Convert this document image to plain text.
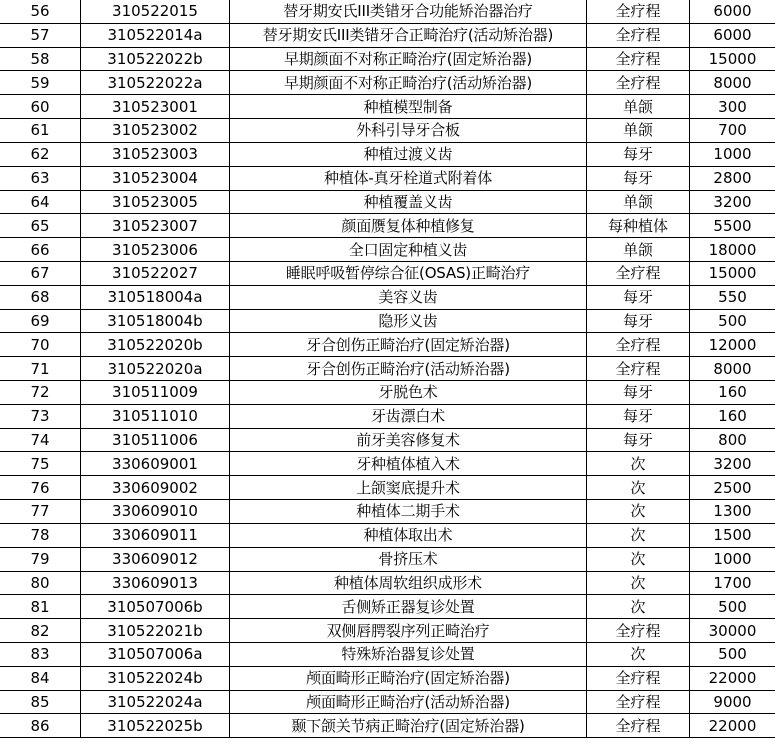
56	310522015	替牙期安氏III类错牙合功能矫治器治疗	全疗程	6000
57	310522014a	替牙期安氏III类错牙合正畸治疗(活动矫治器)	全疗程	6000
58	310522022b	早期颜面不对称正畸治疗(固定矫治器)	全疗程	15000
59	310522022a	早期颜面不对称正畸治疗(活动矫治器)	全疗程	8000
60	310523001	种植模型制备	单颌	300
61	310523002	外科引导牙合板	单颌	700
62	310523003	种植过渡义齿	每牙	1000
63	310523004	种植体-真牙栓道式附着体	每牙	2800
64	310523005	种植覆盖义齿	单颌	3200
65	310523007	颜面赝复体种植修复	每种植体	5500
66	310523006	全口固定种植义齿	单颌	18000
67	310522027	睡眠呼吸暂停综合征(OSAS)正畸治疗	全疗程	15000
68	310518004a	美容义齿	每牙	550
69	310518004b	隐形义齿	每牙	500
70	310522020b	牙合创伤正畸治疗(固定矫治器)	全疗程	12000
71	310522020a	牙合创伤正畸治疗(活动矫治器)	全疗程	8000
72	310511009	牙脱色术	每牙	160
73	310511010	牙齿漂白术	每牙	160
74	310511006	前牙美容修复术	每牙	800
75	330609001	牙种植体植入术	次	3200
76	330609002	上颌窦底提升术	次	2500
77	330609010	种植体二期手术	次	1300
78	330609011	种植体取出术	次	1500
79	330609012	骨挤压术	次	1000
80	330609013	种植体周软组织成形术	次	1700
81	310507006b	舌侧矫正器复诊处置	次	500
82	310522021b	双侧唇腭裂序列正畸治疗	全疗程	30000
83	310507006a	特殊矫治器复诊处置	次	500
84	310522024b	颅面畸形正畸治疗(固定矫治器)	全疗程	22000
85	310522024a	颅面畸形正畸治疗(活动矫治器)	全疗程	9000
86	310522025b	颞下颌关节病正畸治疗(固定矫治器)	全疗程	22000
